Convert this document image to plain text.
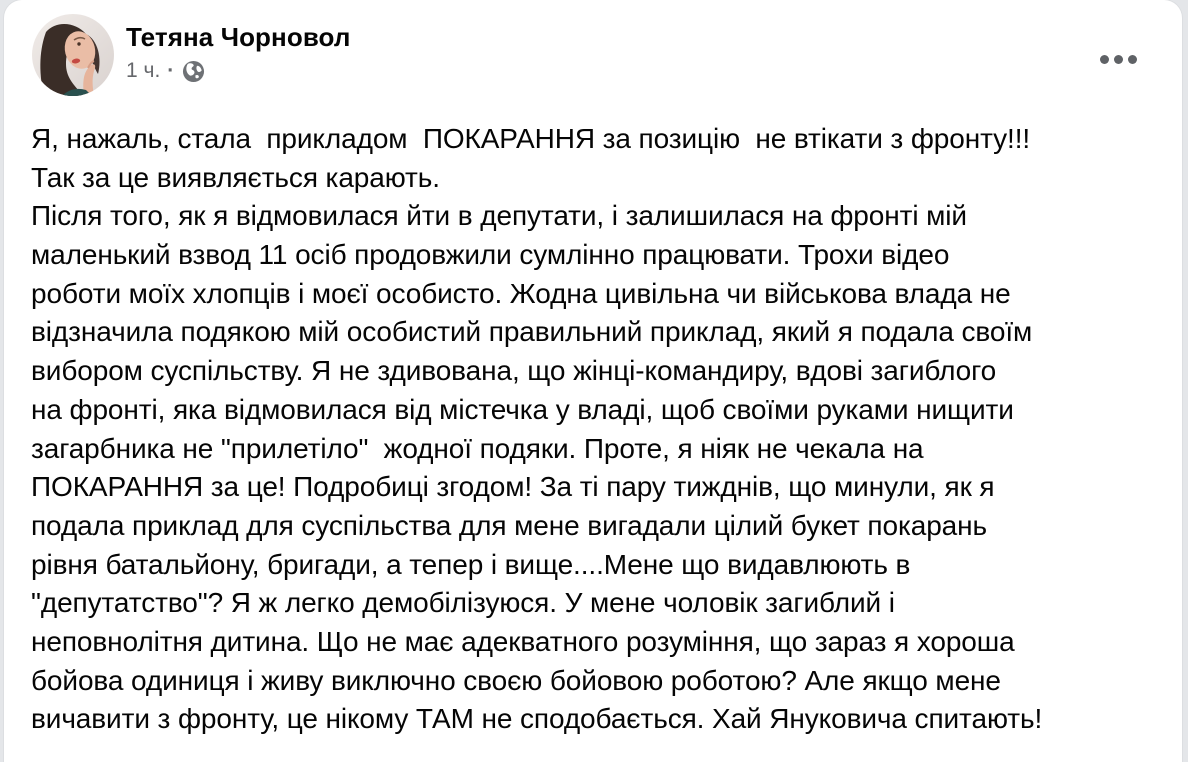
Тетяна Чорновол
1 ч. ·
Я, нажаль, стала  прикладом  ПОКАРАННЯ за позицію  не втікати з фронту!!!
Так за це виявляється карають.
Після того, як я відмовилася йти в депутати, і залишилася на фронті мій
маленький взвод 11 осіб продовжили сумлінно працювати. Трохи відео
роботи моїх хлопців і моєї особисто. Жодна цивільна чи військова влада не
відзначила подякою мій особистий правильний приклад, який я подала своїм
вибором суспільству. Я не здивована, що жінці-командиру, вдові загиблого
на фронті, яка відмовилася від містечка у владі, щоб своїми руками нищити
загарбника не "прилетіло"  жодної подяки. Проте, я ніяк не чекала на
ПОКАРАННЯ за це! Подробиці згодом! За ті пару тижднів, що минули, як я
подала приклад для суспільства для мене вигадали цілий букет покарань
рівня батальйону, бригади, а тепер і вище....Мене що видавлюють в
"депутатство"? Я ж легко демобілізуюся. У мене чоловік загиблий і
неповнолітня дитина. Що не має адекватного розуміння, що зараз я хороша
бойова одиниця і живу виключно своєю бойовою роботою? Але якщо мене
вичавити з фронту, це нікому ТАМ не сподобається. Хай Януковича спитають!
